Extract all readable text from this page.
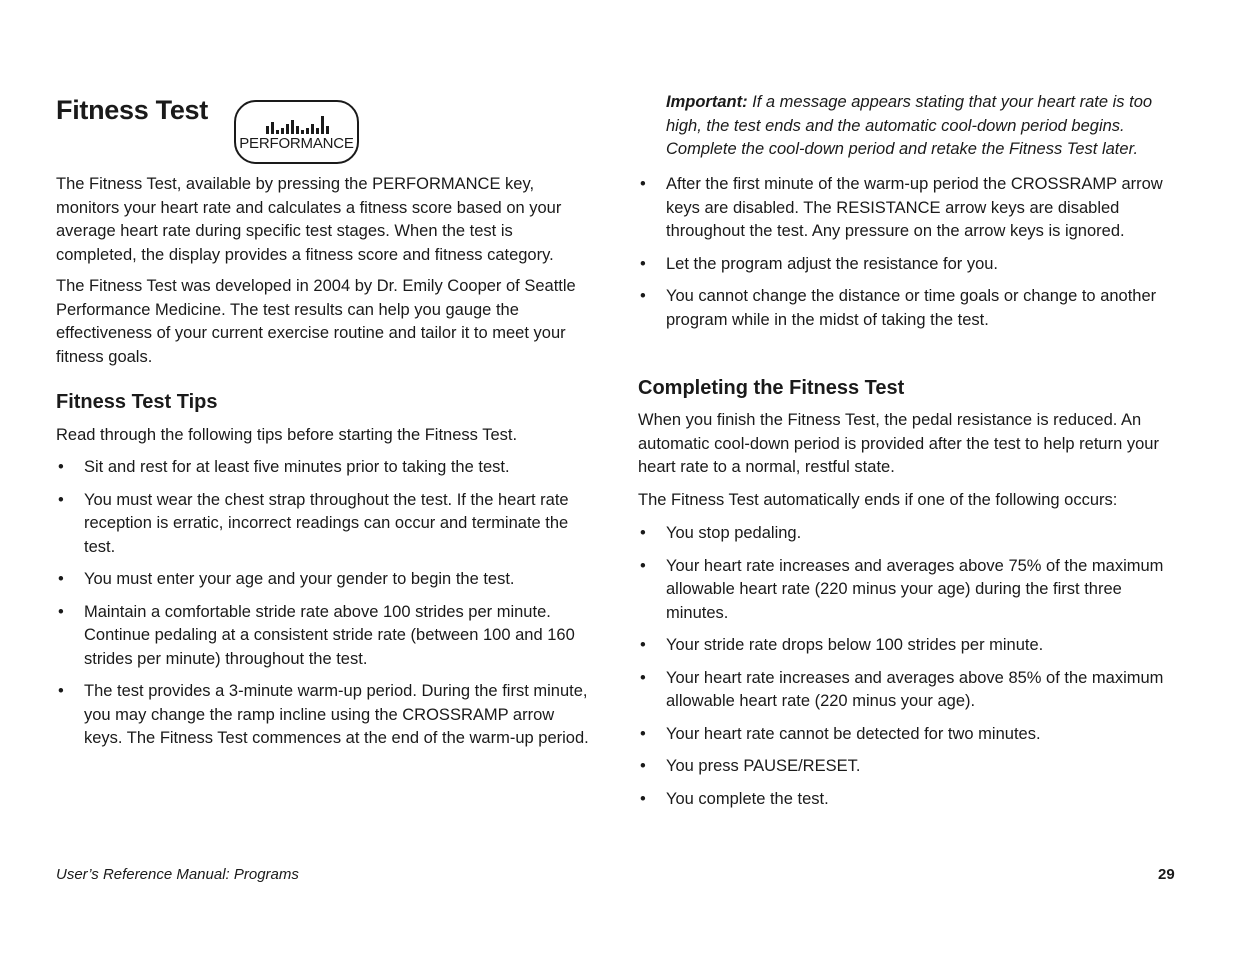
Fitness Test
PERFORMANCE

The Fitness Test, available by pressing the PERFORMANCE key, monitors your heart rate and calculates a fitness score based on your average heart rate during specific test stages. When the test is completed, the display provides a fitness score and fitness category.

The Fitness Test was developed in 2004 by Dr. Emily Cooper of Seattle Performance Medicine. The test results can help you gauge the effectiveness of your current exercise routine and tailor it to meet your fitness goals.

Fitness Test Tips

Read through the following tips before starting the Fitness Test.

• Sit and rest for at least five minutes prior to taking the test.
• You must wear the chest strap throughout the test. If the heart rate reception is erratic, incorrect readings can occur and terminate the test.
• You must enter your age and your gender to begin the test.
• Maintain a comfortable stride rate above 100 strides per minute. Continue pedaling at a consistent stride rate (between 100 and 160 strides per minute) throughout the test.
• The test provides a 3-minute warm-up period. During the first minute, you may change the ramp incline using the CROSSRAMP arrow keys. The Fitness Test commences at the end of the warm-up period.

Important: If a message appears stating that your heart rate is too high, the test ends and the automatic cool-down period begins. Complete the cool-down period and retake the Fitness Test later.

• After the first minute of the warm-up period the CROSSRAMP arrow keys are disabled. The RESISTANCE arrow keys are disabled throughout the test. Any pressure on the arrow keys is ignored.
• Let the program adjust the resistance for you.
• You cannot change the distance or time goals or change to another program while in the midst of taking the test.
Completing the Fitness Test

When you finish the Fitness Test, the pedal resistance is reduced. An automatic cool-down period is provided after the test to help return your heart rate to a normal, restful state.

The Fitness Test automatically ends if one of the following occurs:

• You stop pedaling.
• Your heart rate increases and averages above 75% of the maximum allowable heart rate (220 minus your age) during the first three minutes.
• Your stride rate drops below 100 strides per minute.
• Your heart rate increases and averages above 85% of the maximum allowable heart rate (220 minus your age).
• Your heart rate cannot be detected for two minutes.
• You press PAUSE/RESET.
• You complete the test.
User’s Reference Manual: Programs	29
